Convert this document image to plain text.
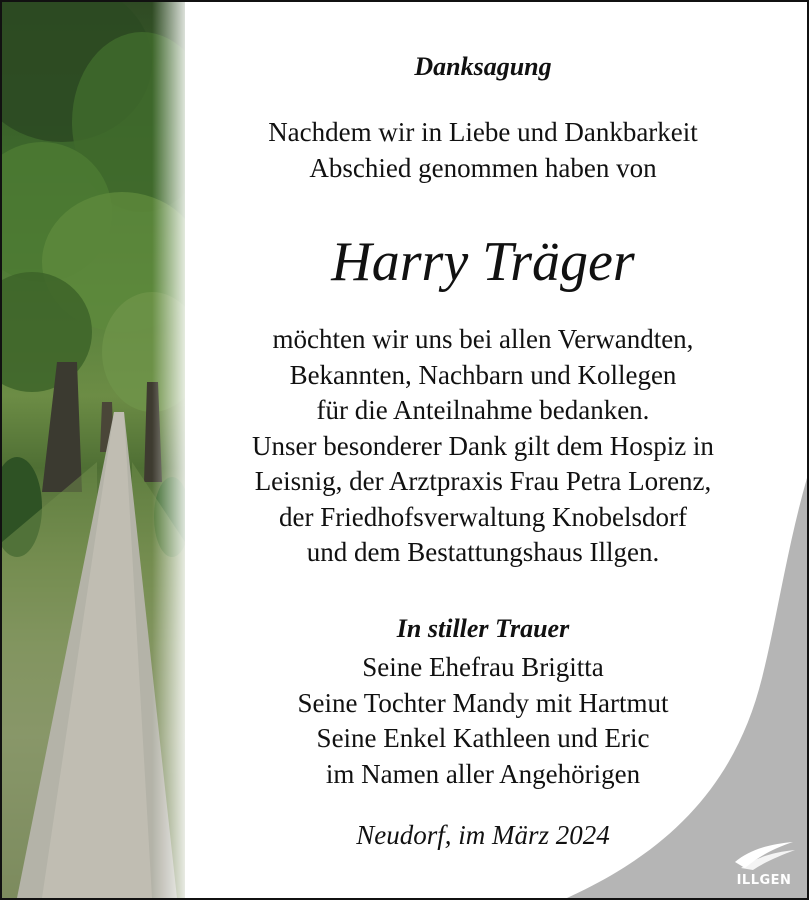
ILLGEN
Danksagung
Nachdem wir in Liebe und Dankbarkeit
Abschied genommen haben von
Harry Träger
möchten wir uns bei allen Verwandten,
Bekannten, Nachbarn und Kollegen
für die Anteilnahme bedanken.
Unser besonderer Dank gilt dem Hospiz in
Leisnig, der Arztpraxis Frau Petra Lorenz,
der Friedhofsverwaltung Knobelsdorf
und dem Bestattungshaus Illgen.
In stiller Trauer
Seine Ehefrau Brigitta
Seine Tochter Mandy mit Hartmut
Seine Enkel Kathleen und Eric
im Namen aller Angehörigen
Neudorf, im März 2024
